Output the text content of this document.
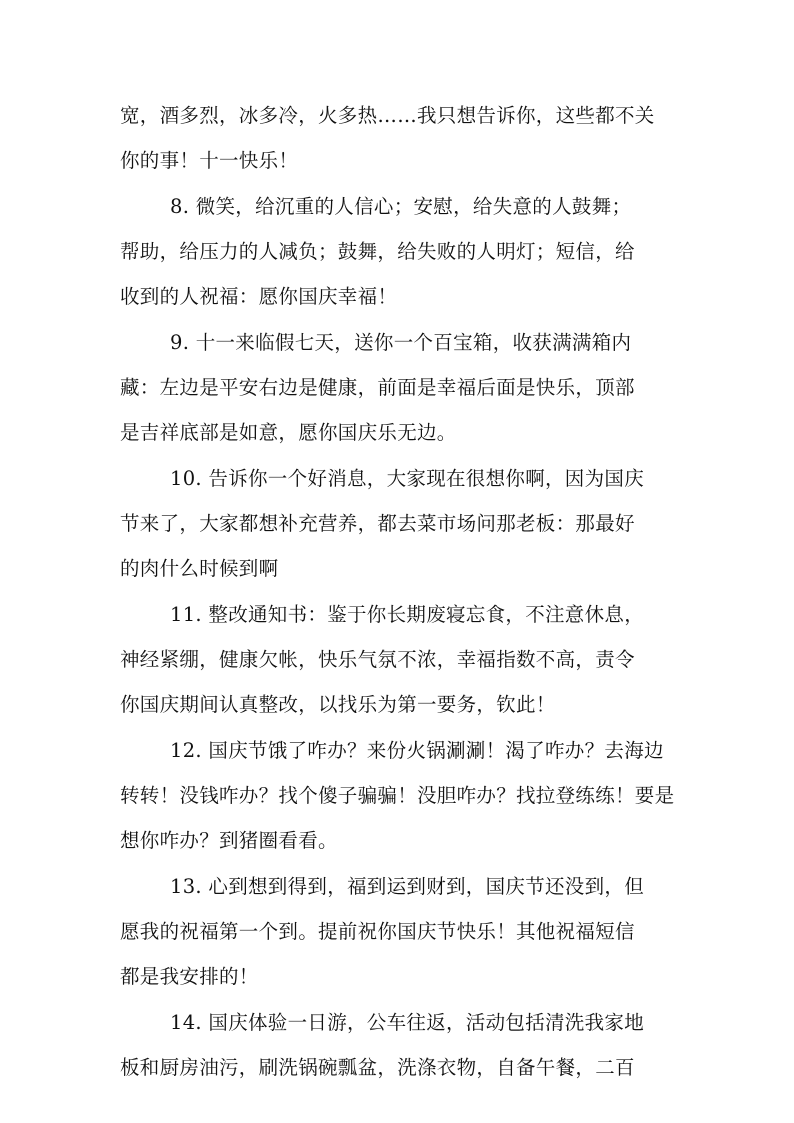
宽，酒多烈，冰多冷，火多热……我只想告诉你，这些都不关
你的事！十一快乐！
8. 微笑，给沉重的人信心；安慰，给失意的人鼓舞；
帮助，给压力的人减负；鼓舞，给失败的人明灯；短信，给
收到的人祝福：愿你国庆幸福！
9. 十一来临假七天，送你一个百宝箱，收获满满箱内
藏：左边是平安右边是健康，前面是幸福后面是快乐，顶部
是吉祥底部是如意，愿你国庆乐无边。
10. 告诉你一个好消息，大家现在很想你啊，因为国庆
节来了，大家都想补充营养，都去菜市场问那老板：那最好
的肉什么时候到啊
11. 整改通知书：鉴于你长期废寝忘食，不注意休息，
神经紧绷，健康欠帐，快乐气氛不浓，幸福指数不高，责令
你国庆期间认真整改，以找乐为第一要务，钦此！
12. 国庆节饿了咋办？来份火锅涮涮！渴了咋办？去海边
转转！没钱咋办？找个傻子骗骗！没胆咋办？找拉登练练！要是
想你咋办？到猪圈看看。
13. 心到想到得到，福到运到财到，国庆节还没到，但
愿我的祝福第一个到。提前祝你国庆节快乐！其他祝福短信
都是我安排的！
14. 国庆体验一日游，公车往返，活动包括清洗我家地
板和厨房油污，刷洗锅碗瓢盆，洗涤衣物，自备午餐，二百
